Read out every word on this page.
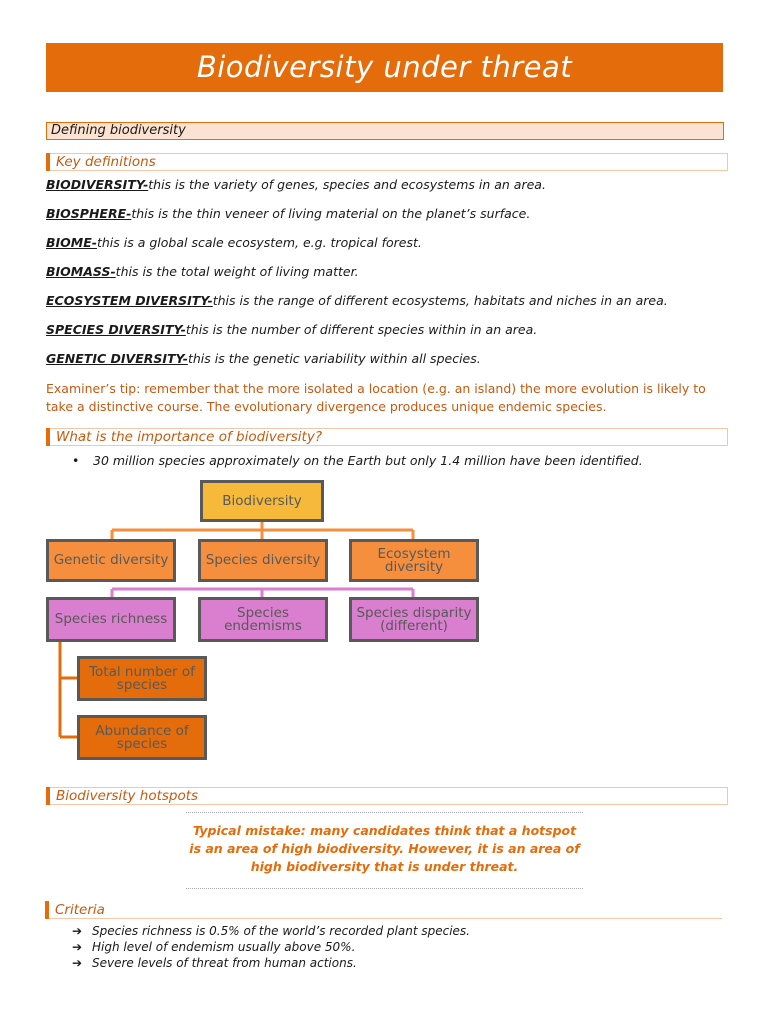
Biodiversity under threat
Defining biodiversity
Key definitions
BIODIVERSITY-this is the variety of genes, species and ecosystems in an area.
BIOSPHERE-this is the thin veneer of living material on the planet’s surface.
BIOME-this is a global scale ecosystem, e.g. tropical forest.
BIOMASS-this is the total weight of living matter.
ECOSYSTEM DIVERSITY-this is the range of different ecosystems, habitats and niches in an area.
SPECIES DIVERSITY-this is the number of different species within in an area.
GENETIC DIVERSITY-this is the genetic variability within all species.
Examiner’s tip: remember that the more isolated a location (e.g. an island) the more evolution is likely to take a distinctive course. The evolutionary divergence produces unique endemic species.
What is the importance of biodiversity?
• 30 million species approximately on the Earth but only 1.4 million have been identified.
Biodiversity
Genetic diversity	Species diversity	Ecosystem diversity
Species richness	Species endemisms
Species disparity (different)
Total number of species
Abundance of species
Biodiversity hotspots
Typical mistake: many candidates think that a hotspot is an area of high biodiversity. However, it is an area of high biodiversity that is under threat.
Criteria
➔ Species richness is 0.5% of the world’s recorded plant species.
➔ High level of endemism usually above 50%.
➔ Severe levels of threat from human actions.
